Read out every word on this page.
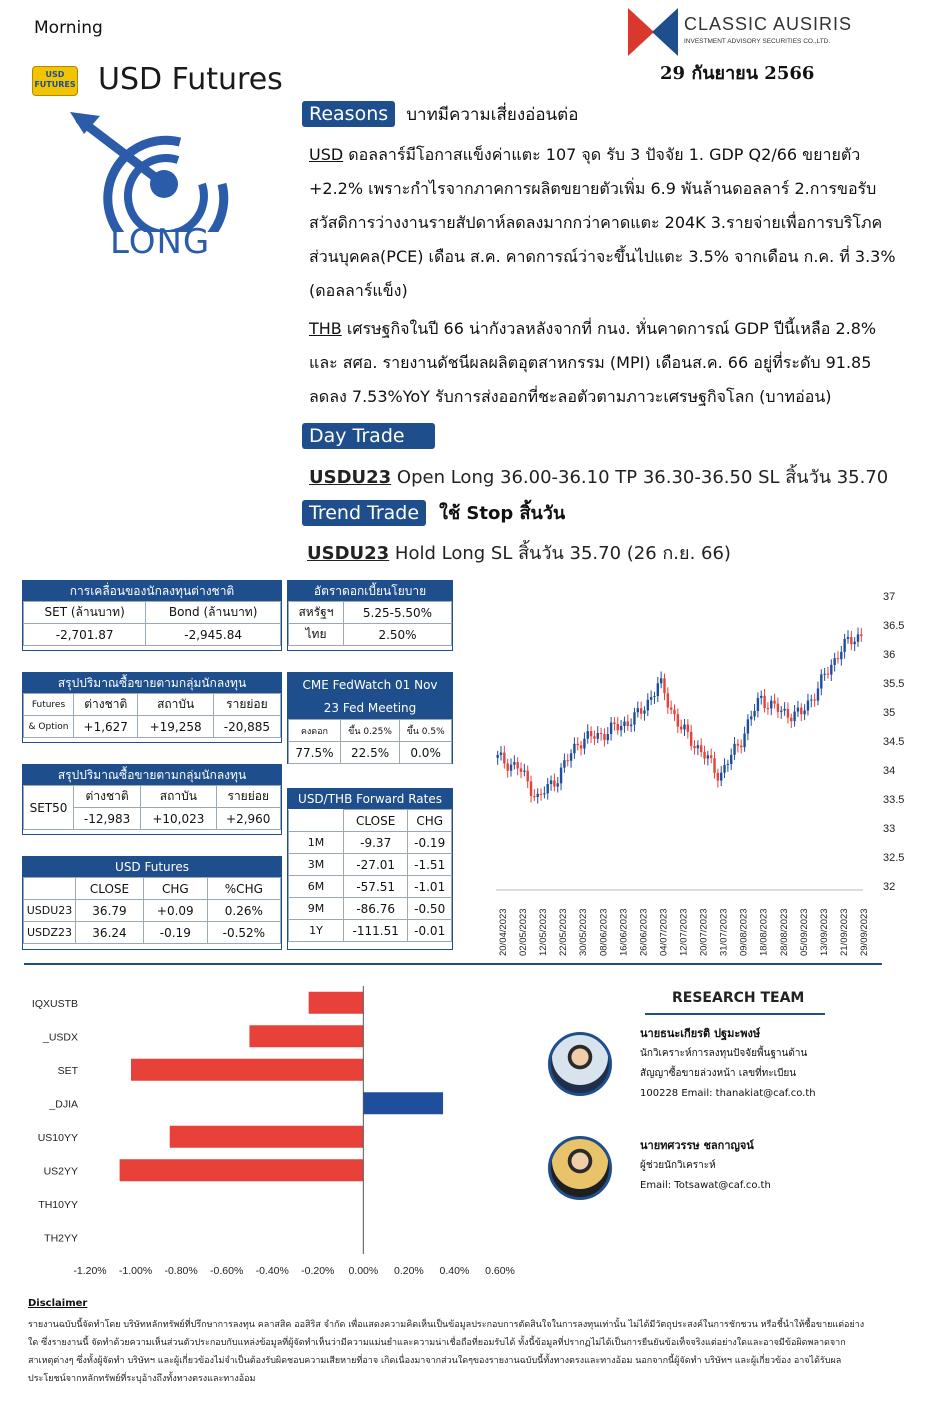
Morning
USD FUTURES USD Futures
LONG
CLASSIC AUSIRIS
INVESTMENT ADVISORY SECURITIES CO.,LTD.
29 กันยายน 2566
Reasons บาทมีความเสี่ยงอ่อนต่อ
USD ดอลลาร์มีโอกาสแข็งค่าแตะ 107 จุด รับ 3 ปัจจัย 1. GDP Q2/66 ขยายตัว +2.2% เพราะกำไรจากภาคการผลิตขยายตัวเพิ่ม 6.9 พันล้านดอลลาร์ 2.การขอรับสวัสดิการว่างงานรายสัปดาห์ลดลงมากกว่าคาดแตะ 204K 3.รายจ่ายเพื่อการบริโภคส่วนบุคคล(PCE) เดือน ส.ค. คาดการณ์ว่าจะขึ้นไปแตะ 3.5% จากเดือน ก.ค. ที่ 3.3% (ดอลลาร์แข็ง)
THB เศรษฐกิจในปี 66 น่ากังวลหลังจากที่ กนง. หั่นคาดการณ์ GDP ปีนี้เหลือ 2.8% และ สศอ. รายงานดัชนีผลผลิตอุตสาหกรรม (MPI) เดือนส.ค. 66 อยู่ที่ระดับ 91.85 ลดลง 7.53%YoY รับการส่งออกที่ชะลอตัวตามภาวะเศรษฐกิจโลก (บาทอ่อน)
Day Trade
USDU23 Open Long 36.00-36.10 TP 36.30-36.50 SL สิ้นวัน 35.70
Trend Trade ใช้ Stop สิ้นวัน
USDU23 Hold Long SL สิ้นวัน 35.70 (26 ก.ย. 66)
การเคลื่อนของนักลงทุนต่างชาติ
SET (ล้านบาท)	Bond (ล้านบาท)
-2,701.87	-2,945.84
อัตราดอกเบี้ยนโยบาย
สหรัฐฯ	5.25-5.50%
ไทย	2.50%
สรุปปริมาณซื้อขายตามกลุ่มนักลงทุน
Futures	ต่างชาติ	สถาบัน	รายย่อย
& Option	+1,627	+19,258	-20,885
CME FedWatch 01 Nov
23 Fed Meeting
คงดอก	ขึ้น 0.25%	ขึ้น 0.5%
77.5%	22.5%	0.0%
สรุปปริมาณซื้อขายตามกลุ่มนักลงทุน
SET50	ต่างชาติ	สถาบัน	รายย่อย
	-12,983	+10,023	+2,960
USD/THB Forward Rates
	CLOSE	CHG
1M	-9.37	-0.19
3M	-27.01	-1.51
6M	-57.51	-1.01
9M	-86.76	-0.50
1Y	-111.51	-0.01
USD Futures
	CLOSE	CHG	%CHG
USDU23	36.79	+0.09	0.26%
USDZ23	36.24	-0.19	-0.52%
37
36.5
36
35.5
35
34.5
34
33.5
33
32.5
32
20/04/2023 02/05/2023 12/05/2023 22/05/2023 30/05/2023 08/06/2023 16/06/2023 26/06/2023 04/07/2023 12/07/2023 20/07/2023 31/07/2023 09/08/2023 18/08/2023 28/08/2023 05/09/2023 13/09/2023 21/09/2023 29/09/2023
IQXUSTB
_USDX
SET
_DJIA
US10YY
US2YY
TH10YY
TH2YY
-1.20% -1.00% -0.80% -0.60% -0.40% -0.20% 0.00% 0.20% 0.40% 0.60%
RESEARCH TEAM
นายธนะเกียรติ ปฐมะพงษ์
นักวิเคราะห์การลงทุนปัจจัยพื้นฐานด้าน
สัญญาซื้อขายล่วงหน้า เลขที่ทะเบียน
100228 Email: thanakiat@caf.co.th
นายทศวรรษ ชลกาญจน์
ผู้ช่วยนักวิเคราะห์
Email: Totsawat@caf.co.th
Disclaimer
รายงานฉบับนี้จัดทำโดย บริษัทหลักทรัพย์ที่ปรึกษาการลงทุน คลาสสิค ออสิริส จำกัด เพื่อแสดงความคิดเห็นเป็นข้อมูลประกอบการตัดสินใจในการลงทุนเท่านั้น ไม่ได้มีวัตถุประสงค์ในการชักชวน หรือชี้นำให้ซื้อขายแต่อย่างใด ซึ่งรายงานนี้ จัดทำด้วยความเห็นส่วนตัวประกอบกับแหล่งข้อมูลที่ผู้จัดทำเห็นว่ามีความแม่นยำและความน่าเชื่อถือที่ยอมรับได้ ทั้งนี้ข้อมูลที่ปรากฏไม่ได้เป็นการยืนยันข้อเท็จจริงแต่อย่างใดและอาจมีข้อผิดพลาดจากสาเหตุต่างๆ ซึ่งทั้งผู้จัดทำ บริษัทฯ และผู้เกี่ยวข้องไม่จำเป็นต้องรับผิดชอบความเสียหายที่อาจ เกิดเนื่องมาจากส่วนใดๆของรายงานฉบับนี้ทั้งทางตรงและทางอ้อม นอกจากนี้ผู้จัดทำ บริษัทฯ และผู้เกี่ยวข้อง อาจได้รับผลประโยชน์จากหลักทรัพย์ที่ระบุอ้างถึงทั้งทางตรงและทางอ้อม
